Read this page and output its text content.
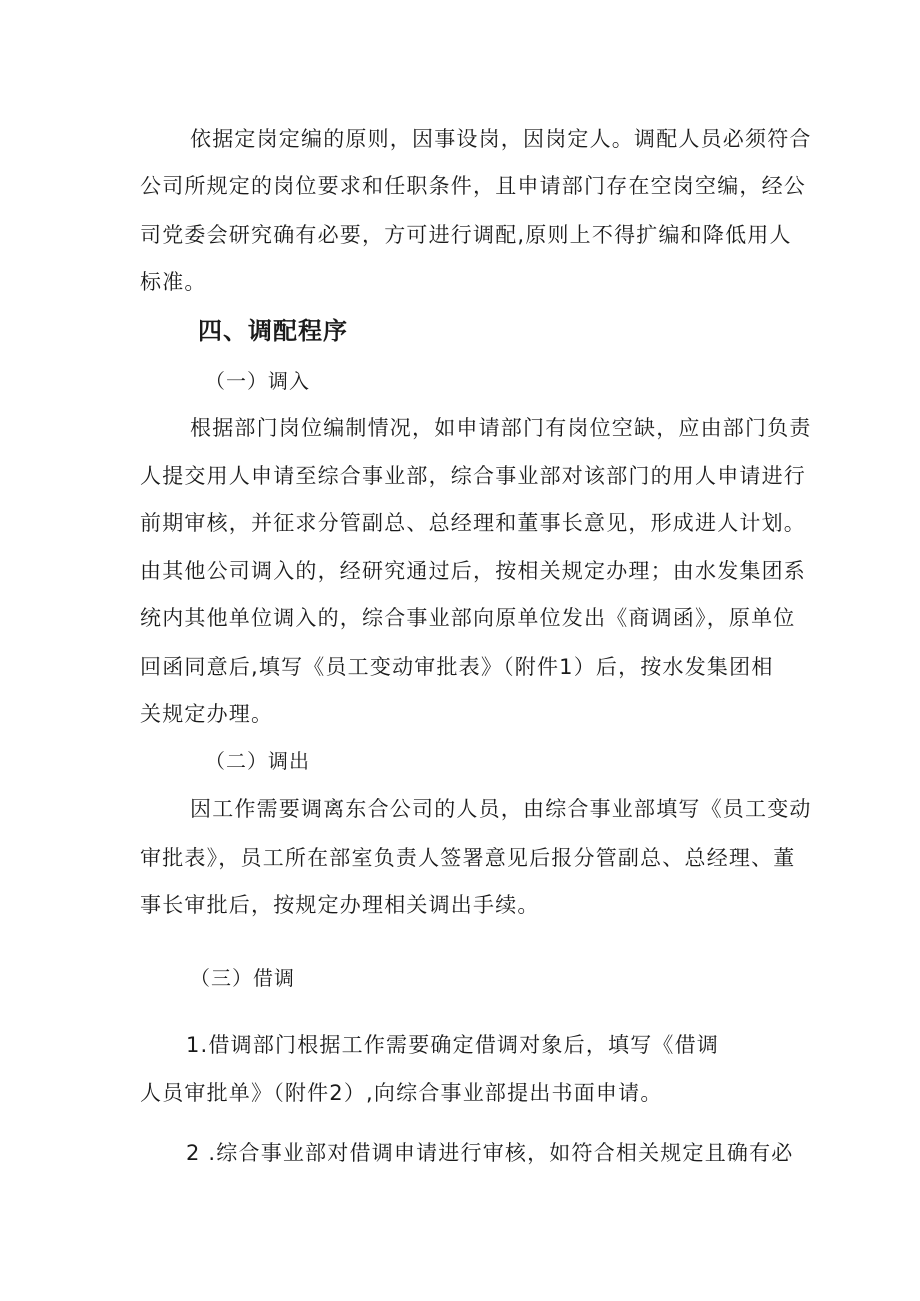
依据定岗定编的原则，因事设岗，因岗定人。调配人员必须符合
公司所规定的岗位要求和任职条件，且申请部门存在空岗空编，经公
司党委会研究确有必要，方可进行调配,原则上不得扩编和降低用人
标准。
四、调配程序
（一）调入
根据部门岗位编制情况，如申请部门有岗位空缺，应由部门负责
人提交用人申请至综合事业部，综合事业部对该部门的用人申请进行
前期审核，并征求分管副总、总经理和董事长意见，形成进人计划。
由其他公司调入的，经研究通过后，按相关规定办理；由水发集团系
统内其他单位调入的，综合事业部向原单位发出《商调函》，原单位
回函同意后,填写《员工变动审批表》（附件1）后，按水发集团相
关规定办理。
（二）调出
因工作需要调离东合公司的人员，由综合事业部填写《员工变动
审批表》，员工所在部室负责人签署意见后报分管副总、总经理、董
事长审批后，按规定办理相关调出手续。
（三）借调
1.借调部门根据工作需要确定借调对象后，填写《借调
人员审批单》（附件2）,向综合事业部提出书面申请。
2 .综合事业部对借调申请进行审核，如符合相关规定且确有必
